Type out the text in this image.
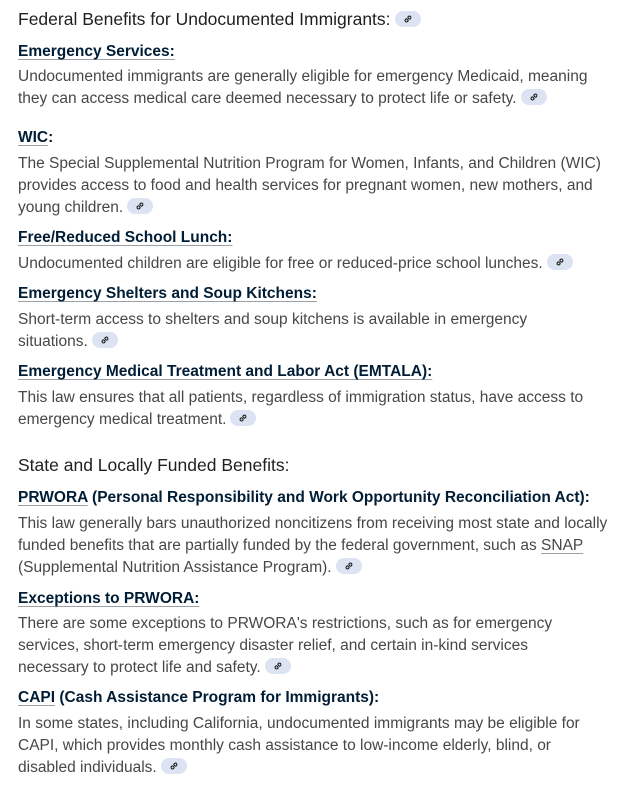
Federal Benefits for Undocumented Immigrants:
Emergency Services:
Undocumented immigrants are generally eligible for emergency Medicaid, meaning
they can access medical care deemed necessary to protect life or safety.
WIC:
The Special Supplemental Nutrition Program for Women, Infants, and Children (WIC)
provides access to food and health services for pregnant women, new mothers, and
young children.
Free/Reduced School Lunch:
Undocumented children are eligible for free or reduced-price school lunches.
Emergency Shelters and Soup Kitchens:
Short-term access to shelters and soup kitchens is available in emergency
situations.
Emergency Medical Treatment and Labor Act (EMTALA):
This law ensures that all patients, regardless of immigration status, have access to
emergency medical treatment.
State and Locally Funded Benefits:
PRWORA (Personal Responsibility and Work Opportunity Reconciliation Act):
This law generally bars unauthorized noncitizens from receiving most state and locally
funded benefits that are partially funded by the federal government, such as SNAP
(Supplemental Nutrition Assistance Program).
Exceptions to PRWORA:
There are some exceptions to PRWORA's restrictions, such as for emergency
services, short-term emergency disaster relief, and certain in-kind services
necessary to protect life and safety.
CAPI (Cash Assistance Program for Immigrants):
In some states, including California, undocumented immigrants may be eligible for
CAPI, which provides monthly cash assistance to low-income elderly, blind, or
disabled individuals.
